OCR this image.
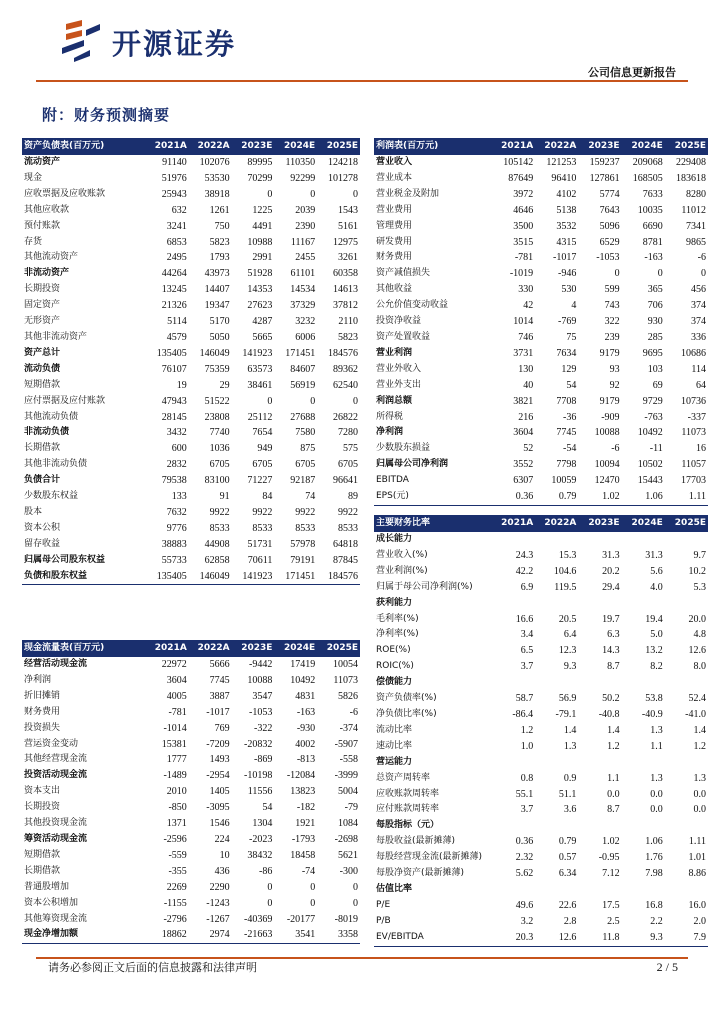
开源证券
公司信息更新报告
附：财务预测摘要
资产负债表(百万元)	2021A	2022A	2023E	2024E	2025E
流动资产	91140	102076	89995	110350	124218
现金	51976	53530	70299	92299	101278
应收票据及应收账款	25943	38918	0	0	0
其他应收款	632	1261	1225	2039	1543
预付账款	3241	750	4491	2390	5161
存货	6853	5823	10988	11167	12975
其他流动资产	2495	1793	2991	2455	3261
非流动资产	44264	43973	51928	61101	60358
长期投资	13245	14407	14353	14534	14613
固定资产	21326	19347	27623	37329	37812
无形资产	5114	5170	4287	3232	2110
其他非流动资产	4579	5050	5665	6006	5823
资产总计	135405	146049	141923	171451	184576
流动负债	76107	75359	63573	84607	89362
短期借款	19	29	38461	56919	62540
应付票据及应付账款	47943	51522	0	0	0
其他流动负债	28145	23808	25112	27688	26822
非流动负债	3432	7740	7654	7580	7280
长期借款	600	1036	949	875	575
其他非流动负债	2832	6705	6705	6705	6705
负债合计	79538	83100	71227	92187	96641
少数股东权益	133	91	84	74	89
股本	7632	9922	9922	9922	9922
资本公积	9776	8533	8533	8533	8533
留存收益	38883	44908	51731	57978	64818
归属母公司股东权益	55733	62858	70611	79191	87845
负债和股东权益	135405	146049	141923	171451	184576
利润表(百万元)	2021A	2022A	2023E	2024E	2025E
营业收入	105142	121253	159237	209068	229408
营业成本	87649	96410	127861	168505	183618
营业税金及附加	3972	4102	5774	7633	8280
营业费用	4646	5138	7643	10035	11012
管理费用	3500	3532	5096	6690	7341
研发费用	3515	4315	6529	8781	9865
财务费用	-781	-1017	-1053	-163	-6
资产减值损失	-1019	-946	0	0	0
其他收益	330	530	599	365	456
公允价值变动收益	42	4	743	706	374
投资净收益	1014	-769	322	930	374
资产处置收益	746	75	239	285	336
营业利润	3731	7634	9179	9695	10686
营业外收入	130	129	93	103	114
营业外支出	40	54	92	69	64
利润总额	3821	7708	9179	9729	10736
所得税	216	-36	-909	-763	-337
净利润	3604	7745	10088	10492	11073
少数股东损益	52	-54	-6	-11	16
归属母公司净利润	3552	7798	10094	10502	11057
EBITDA	6307	10059	12470	15443	17703
EPS(元)	0.36	0.79	1.02	1.06	1.11
主要财务比率	2021A	2022A	2023E	2024E	2025E
成长能力					
营业收入(%)	24.3	15.3	31.3	31.3	9.7
营业利润(%)	42.2	104.6	20.2	5.6	10.2
归属于母公司净利润(%)	6.9	119.5	29.4	4.0	5.3
获利能力					
毛利率(%)	16.6	20.5	19.7	19.4	20.0
净利率(%)	3.4	6.4	6.3	5.0	4.8
ROE(%)	6.5	12.3	14.3	13.2	12.6
ROIC(%)	3.7	9.3	8.7	8.2	8.0
偿债能力					
资产负债率(%)	58.7	56.9	50.2	53.8	52.4
净负债比率(%)	-86.4	-79.1	-40.8	-40.9	-41.0
流动比率	1.2	1.4	1.4	1.3	1.4
速动比率	1.0	1.3	1.2	1.1	1.2
营运能力					
总资产周转率	0.8	0.9	1.1	1.3	1.3
应收账款周转率	55.1	51.1	0.0	0.0	0.0
应付账款周转率	3.7	3.6	8.7	0.0	0.0
每股指标（元）					
每股收益(最新摊薄)	0.36	0.79	1.02	1.06	1.11
每股经营现金流(最新摊薄)	2.32	0.57	-0.95	1.76	1.01
每股净资产(最新摊薄)	5.62	6.34	7.12	7.98	8.86
估值比率					
P/E	49.6	22.6	17.5	16.8	16.0
P/B	3.2	2.8	2.5	2.2	2.0
EV/EBITDA	20.3	12.6	11.8	9.3	7.9
现金流量表(百万元)	2021A	2022A	2023E	2024E	2025E
经营活动现金流	22972	5666	-9442	17419	10054
净利润	3604	7745	10088	10492	11073
折旧摊销	4005	3887	3547	4831	5826
财务费用	-781	-1017	-1053	-163	-6
投资损失	-1014	769	-322	-930	-374
营运资金变动	15381	-7209	-20832	4002	-5907
其他经营现金流	1777	1493	-869	-813	-558
投资活动现金流	-1489	-2954	-10198	-12084	-3999
资本支出	2010	1405	11556	13823	5004
长期投资	-850	-3095	54	-182	-79
其他投资现金流	1371	1546	1304	1921	1084
筹资活动现金流	-2596	224	-2023	-1793	-2698
短期借款	-559	10	38432	18458	5621
长期借款	-355	436	-86	-74	-300
普通股增加	2269	2290	0	0	0
资本公积增加	-1155	-1243	0	0	0
其他筹资现金流	-2796	-1267	-40369	-20177	-8019
现金净增加额	18862	2974	-21663	3541	3358
请务必参阅正文后面的信息披露和法律声明	2 / 5
